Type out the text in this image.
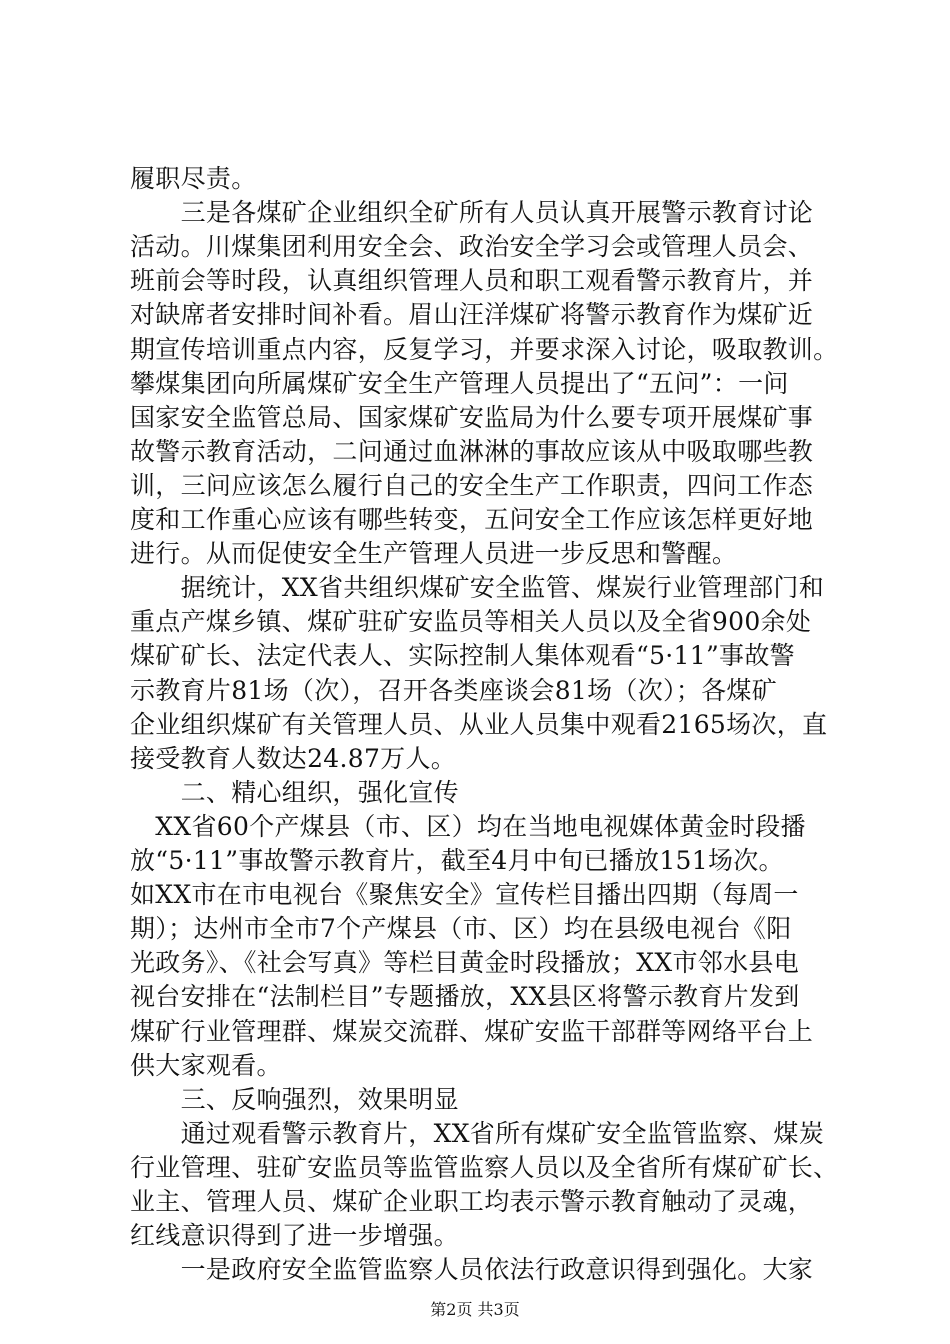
履职尽责。
　　三是各煤矿企业组织全矿所有人员认真开展警示教育讨论
活动。川煤集团利用安全会、政治安全学习会或管理人员会、
班前会等时段，认真组织管理人员和职工观看警示教育片，并
对缺席者安排时间补看。眉山汪洋煤矿将警示教育作为煤矿近
期宣传培训重点内容，反复学习，并要求深入讨论，吸取教训。
攀煤集团向所属煤矿安全生产管理人员提出了“五问”：一问
国家安全监管总局、国家煤矿安监局为什么要专项开展煤矿事
故警示教育活动，二问通过血淋淋的事故应该从中吸取哪些教
训，三问应该怎么履行自己的安全生产工作职责，四问工作态
度和工作重心应该有哪些转变，五问安全工作应该怎样更好地
进行。从而促使安全生产管理人员进一步反思和警醒。
　　据统计，XX省共组织煤矿安全监管、煤炭行业管理部门和
重点产煤乡镇、煤矿驻矿安监员等相关人员以及全省900余处
煤矿矿长、法定代表人、实际控制人集体观看“5·11”事故警
示教育片81场（次），召开各类座谈会81场（次）；各煤矿
企业组织煤矿有关管理人员、从业人员集中观看2165场次，直
接受教育人数达24.87万人。
　　二、精心组织，强化宣传
　XX省60个产煤县（市、区）均在当地电视媒体黄金时段播
放“5·11”事故警示教育片，截至4月中旬已播放151场次。
如XX市在市电视台《聚焦安全》宣传栏目播出四期（每周一
期）；达州市全市7个产煤县（市、区）均在县级电视台《阳
光政务》、《社会写真》等栏目黄金时段播放；XX市邻水县电
视台安排在“法制栏目”专题播放，XX县区将警示教育片发到
煤矿行业管理群、煤炭交流群、煤矿安监干部群等网络平台上
供大家观看。
　　三、反响强烈，效果明显
　　通过观看警示教育片，XX省所有煤矿安全监管监察、煤炭
行业管理、驻矿安监员等监管监察人员以及全省所有煤矿矿长、
业主、管理人员、煤矿企业职工均表示警示教育触动了灵魂，
红线意识得到了进一步增强。
　　一是政府安全监管监察人员依法行政意识得到强化。大家
第2页 共3页
